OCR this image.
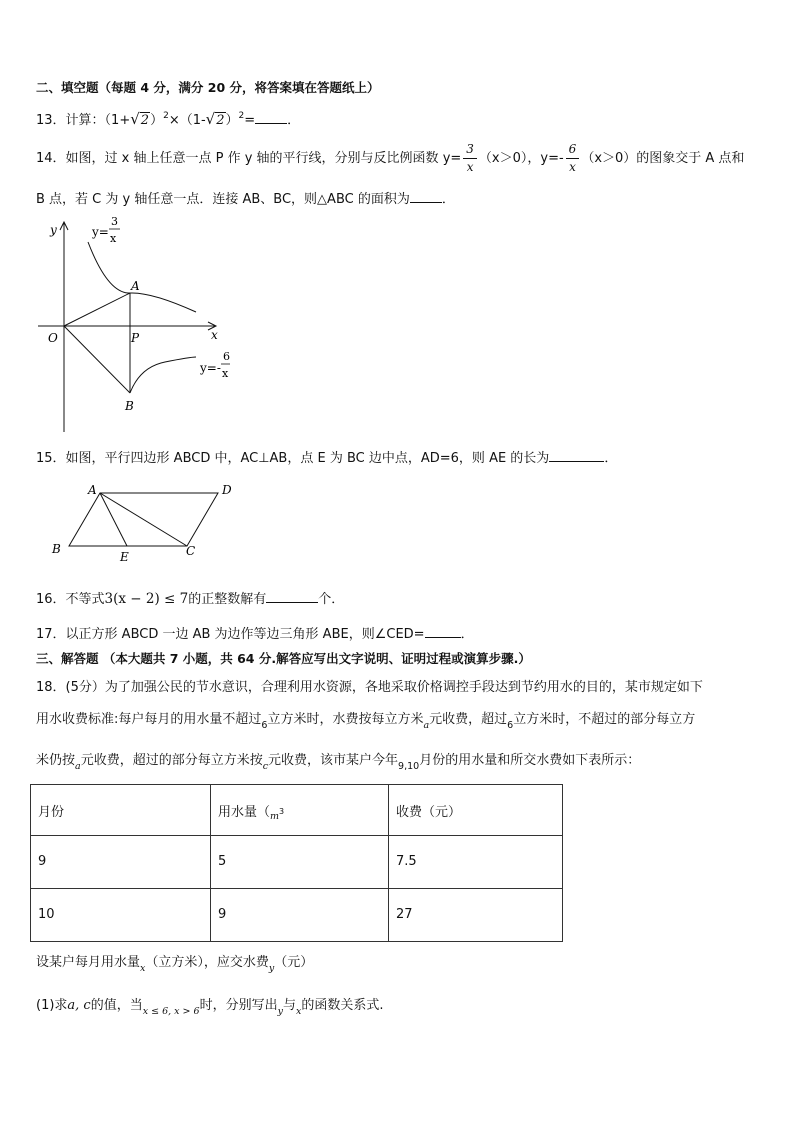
二、填空题（每题 4 分，满分 20 分，将答案填在答题纸上）
13．计算：$(1+√2)^2\times(1-√2)^2=$ ．
14．如图，过 x 轴上任意一点 P 作 y 轴的平行线，分别与反比例函数 $y= \frac{3}{x} (x>0)$，$y=- \frac{6}{x} (x>0)$的图象交于 A 点和
B 点，若 C 为 y 轴任意一点．连接 AB、BC，则△ABC 的面积为 ．
y
x
O
A
P
B
y=
3
x
y=-
6
x
15．如图，平行四边形 ABCD 中，AC⊥AB，点 E 为 BC 边中点，AD=6，则 AE 的长为	．
A	D
B
E	C
16．不等式3(x − 2) ≤ 7的正整数解有	个．
17．以正方形 ABCD 一边 AB 为边作等边三角形 ABE，则∠CED=	．
三、解答题 （本大题共 7 小题，共 64 分.解答应写出文字说明、证明过程或演算步骤.）
18．(5分）为了加强公民的节水意识，合理利用水资源，各地采取价格调控手段达到节约用水的目的，某市规定如下
用水收费标准:每户每月的用水量不超过$_6$立方米时，水费按每立方米$_a$元收费，超过$_6$立方米时，不超过的部分每立方
米仍按$_a$元收费，超过的部分每立方米按$_c$元收费，该市某户今年$_{9,10}$月份的用水量和所交水费如下表所示：
月份	用水量（$_m3$	收费（元）
9	5	7.5
10	9	27
设某户每月用水量$_x$（立方米），应交水费$_y$（元）
(1)求a, c的值，当$_{x \le 6, x > 6}$时，分别写出$_y$与$_x$的函数关系式.
